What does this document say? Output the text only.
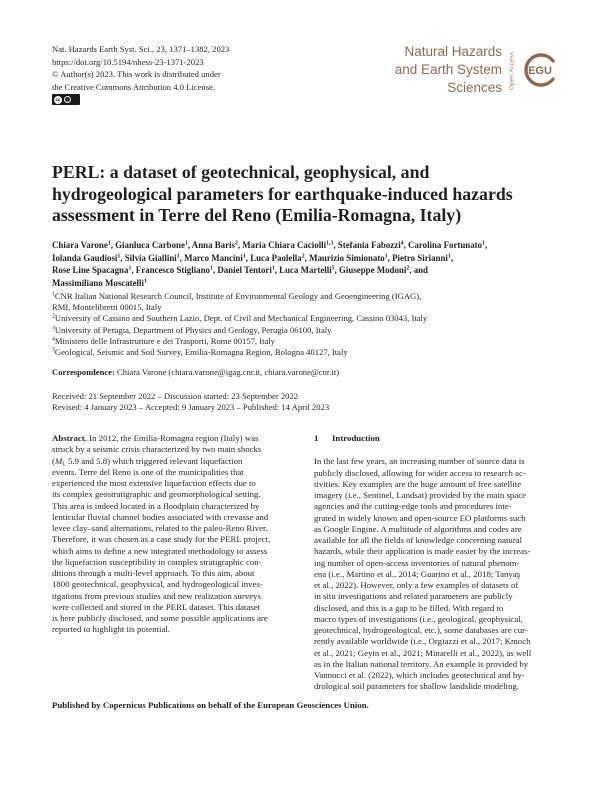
Nat. Hazards Earth Syst. Sci., 23, 1371–1382, 2023
https://doi.org/10.5194/nhess-23-1371-2023
© Author(s) 2023. This work is distributed under
the Creative Commons Attribution 4.0 License.
cc	i
Natural Hazards
and Earth System
Sciences Open Access EGU
PERL: a dataset of geotechnical, geophysical, and hydrogeological parameters for earthquake-induced hazards assessment in Terre del Reno (Emilia-Romagna, Italy)
Chiara Varone$^1$, Gianluca Carbone$^1$, Anna Baris$^2$, Maria Chiara Caciolli$^{1,3}$, Stefania Fabozzi$^4$, Carolina Fortunato$^1$,
Iolanda Gaudiosi$^1$, Silvia Giallini$^1$, Marco Mancini$^1$, Luca Paolella$^2$, Maurizio Simionato$^1$, Pietro Sirianni$^1$,
Rose Line Spacagna$^1$, Francesco Stigliano$^1$, Daniel Tentori$^1$, Luca Martelli$^5$, Giuseppe Modoni$^2$, and
Massimiliano Moscatelli$^1$
$^1$CNR Italian National Research Council, Institute of Environmental Geology and Geoengineering (IGAG),
RMI, Montelibretti 00015, Italy
$^2$University of Cassino and Southern Lazio, Dept. of Civil and Mechanical Engineering, Cassino 03043, Italy
$^3$University of Perugia, Department of Physics and Geology, Perugia 06100, Italy
$^4$Ministero delle Infrastrutture e dei Trasporti, Rome 00157, Italy
$^5$Geological, Seismic and Soil Survey, Emilia-Romagna Region, Bologna 40127, Italy
Correspondence: Chiara Varone (chiara.varone@igag.cnr.it, chiara.varone@cnr.it)
Received: 21 September 2022 – Discussion started: 23 September 2022
Revised: 4 January 2023 – Accepted: 9 January 2023 – Published: 14 April 2023
Abstract. In 2012, the Emilia-Romagna region (Italy) was
struck by a seismic crisis characterized by two main shocks
($M_L$ 5.9 and 5.8) which triggered relevant liquefaction
events. Terre del Reno is one of the municipalities that
experienced the most extensive liquefaction effects due to
its complex geostratigraphic and geomorphological setting.
This area is indeed located in a floodplain characterized by
lenticular fluvial channel bodies associated with crevasse and
levee clay–sand alternations, related to the paleo-Reno River.
Therefore, it was chosen as a case study for the PERL project,
which aims to define a new integrated methodology to assess
the liquefaction susceptibility in complex stratigraphic con-
ditions through a multi-level approach. To this aim, about
1800 geotechnical, geophysical, and hydrogeological inves-
tigations from previous studies and new realization surveys
were collected and stored in the PERL dataset. This dataset
is here publicly disclosed, and some possible applications are
reported to highlight its potential.
1 Introduction
In the last few years, an increasing number of source data is
publicly disclosed, allowing for wider access to research ac-
tivities. Key examples are the huge amount of free satellite
imagery (i.e., Sentinel, Landsat) provided by the main space
agencies and the cutting-edge tools and procedures inte-
grated in widely known and open-source EO platforms such
as Google Engine. A multitude of algorithms and codes are
available for all the fields of knowledge concerning natural
hazards, while their application is made easier by the increas-
ing number of open-access inventories of natural phenom-
ena (i.e., Martino et al., 2014; Guarino et al., 2018; Tanyaş
et al., 2022). However, only a few examples of datasets of
in situ investigations and related parameters are publicly
disclosed, and this is a gap to be filled. With regard to
macro types of investigations (i.e., geological, geophysical,
geotechnical, hydrogeological, etc.), some databases are cur-
rently available worldwide (i.e., Orgiazzi et al., 2017; Kmoch
et al., 2021; Geyin et al., 2021; Minarelli et al., 2022), as well
as in the Italian national territory. An example is provided by
Vannocci et al. (2022), which includes geotechnical and hy-
drological soil parameters for shallow landslide modeling.
Published by Copernicus Publications on behalf of the European Geosciences Union.
